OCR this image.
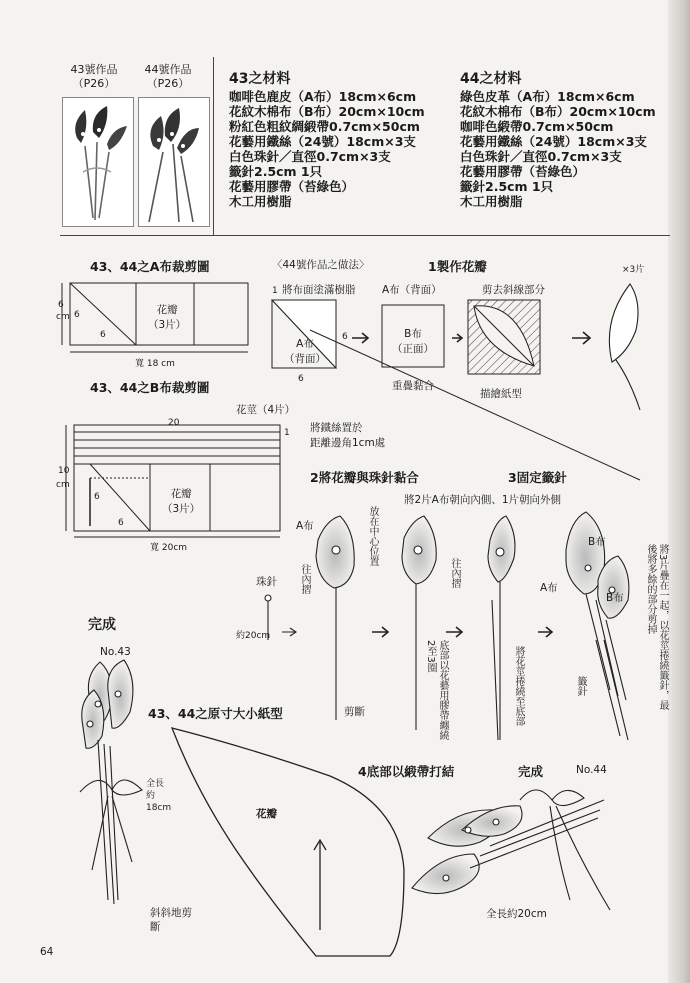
43號作品
（P26）
44號作品
（P26）	43之材料
咖啡色鹿皮（A布）18cm×6cm
花紋木棉布（B布）20cm×10cm
粉紅色粗紋綢緞帶0.7cm×50cm
花藝用鐵絲（24號）18cm×3支
白色珠針／直徑0.7cm×3支
籤針2.5cm 1只
花藝用膠帶（苔綠色）
木工用樹脂
44之材料
綠色皮革（A布）18cm×6cm
花紋木棉布（B布）20cm×10cm
咖啡色緞帶0.7cm×50cm
花藝用鐵絲（24號）18cm×3支
白色珠針／直徑0.7cm×3支
花藝用膠帶（苔綠色）
籤針2.5cm 1只
木工用樹脂
43、44之A布裁剪圖
6
cm 6
6
花瓣
（3片）
寬 18 cm
43、44之B布裁剪圖
花莖（4片）
20
1
10
cm
6
6
花瓣
（3片）
寬 20cm
〈44號作品之做法〉	1製作花瓣
1 將布面塗滿樹脂	A布（背面）	剪去斜線部分
×3片
A布
（背面）
6
6
B布
（正面）
重疊黏合
描繪紙型
將鐵絲置於
距離邊角1cm處
2將花瓣與珠針黏合	3固定籤針
將2片A布朝向內側、1片朝向外側
A布	放在中心位置
往內摺	往內摺
珠針
約20cm
底部以花藝用膠帶纏繞2至3圈
剪斷
B布
B布
A布
將花莖捲繞至底部	籤針	將3片疊在一起，以花莖捲繞籤針，最後將多餘的部分剪掉
完成
No.43
全長約18cm
斜斜地剪斷
43、44之原寸大小紙型
花瓣
4底部以緞帶打結	完成	No.44
全長約20cm
64
